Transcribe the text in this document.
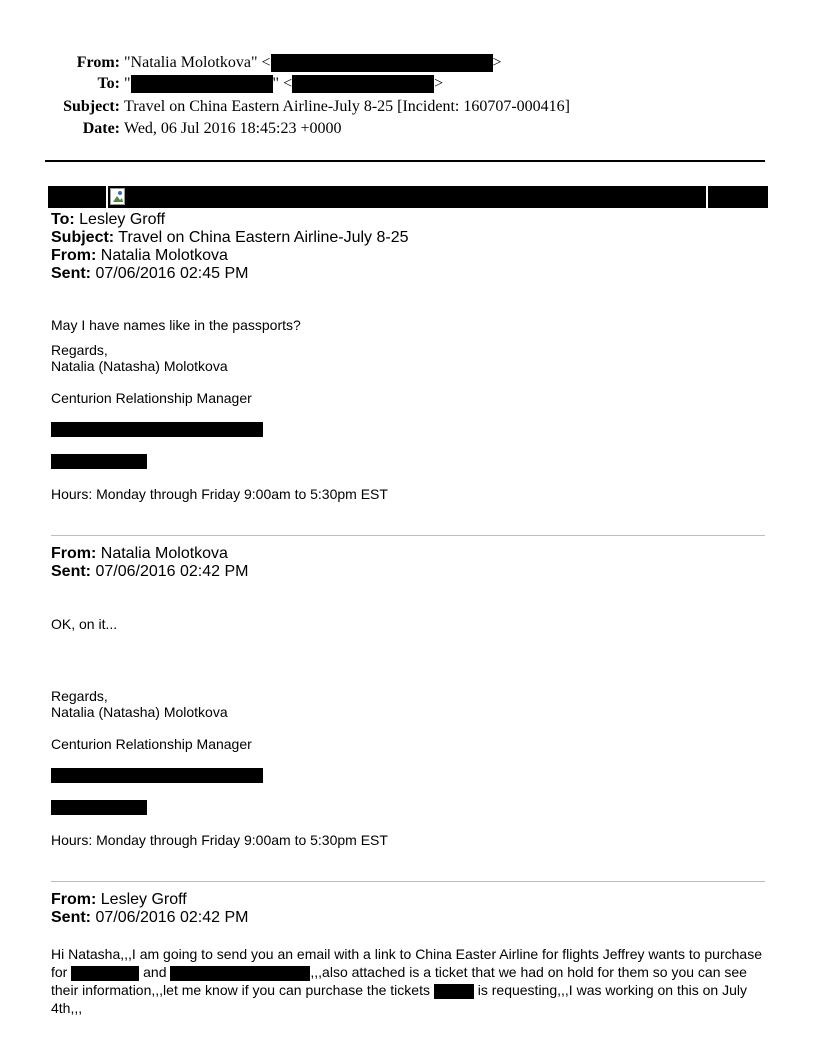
From: "Natalia Molotkova" <	>
To: "	" <	>
Subject: Travel on China Eastern Airline-July 8-25 [Incident: 160707-000416]
Date: Wed, 06 Jul 2016 18:45:23 +0000
To: Lesley Groff
Subject: Travel on China Eastern Airline-July 8-25
From: Natalia Molotkova
Sent: 07/06/2016 02:45 PM
May I have names like in the passports?
Regards,
Natalia (Natasha) Molotkova
Centurion Relationship Manager
Hours: Monday through Friday 9:00am to 5:30pm EST
From: Natalia Molotkova
Sent: 07/06/2016 02:42 PM
OK, on it...
Regards,
Natalia (Natasha) Molotkova
Centurion Relationship Manager
Hours: Monday through Friday 9:00am to 5:30pm EST
From: Lesley Groff
Sent: 07/06/2016 02:42 PM
Hi Natasha,,,I am going to send you an email with a link to China Easter Airline for flights Jeffrey wants to purchase
for	and	,,,also attached is a ticket that we had on hold for them so you can see
their information,,,let me know if you can purchase the tickets	is requesting,,,I was working on this on July
4th,,,
